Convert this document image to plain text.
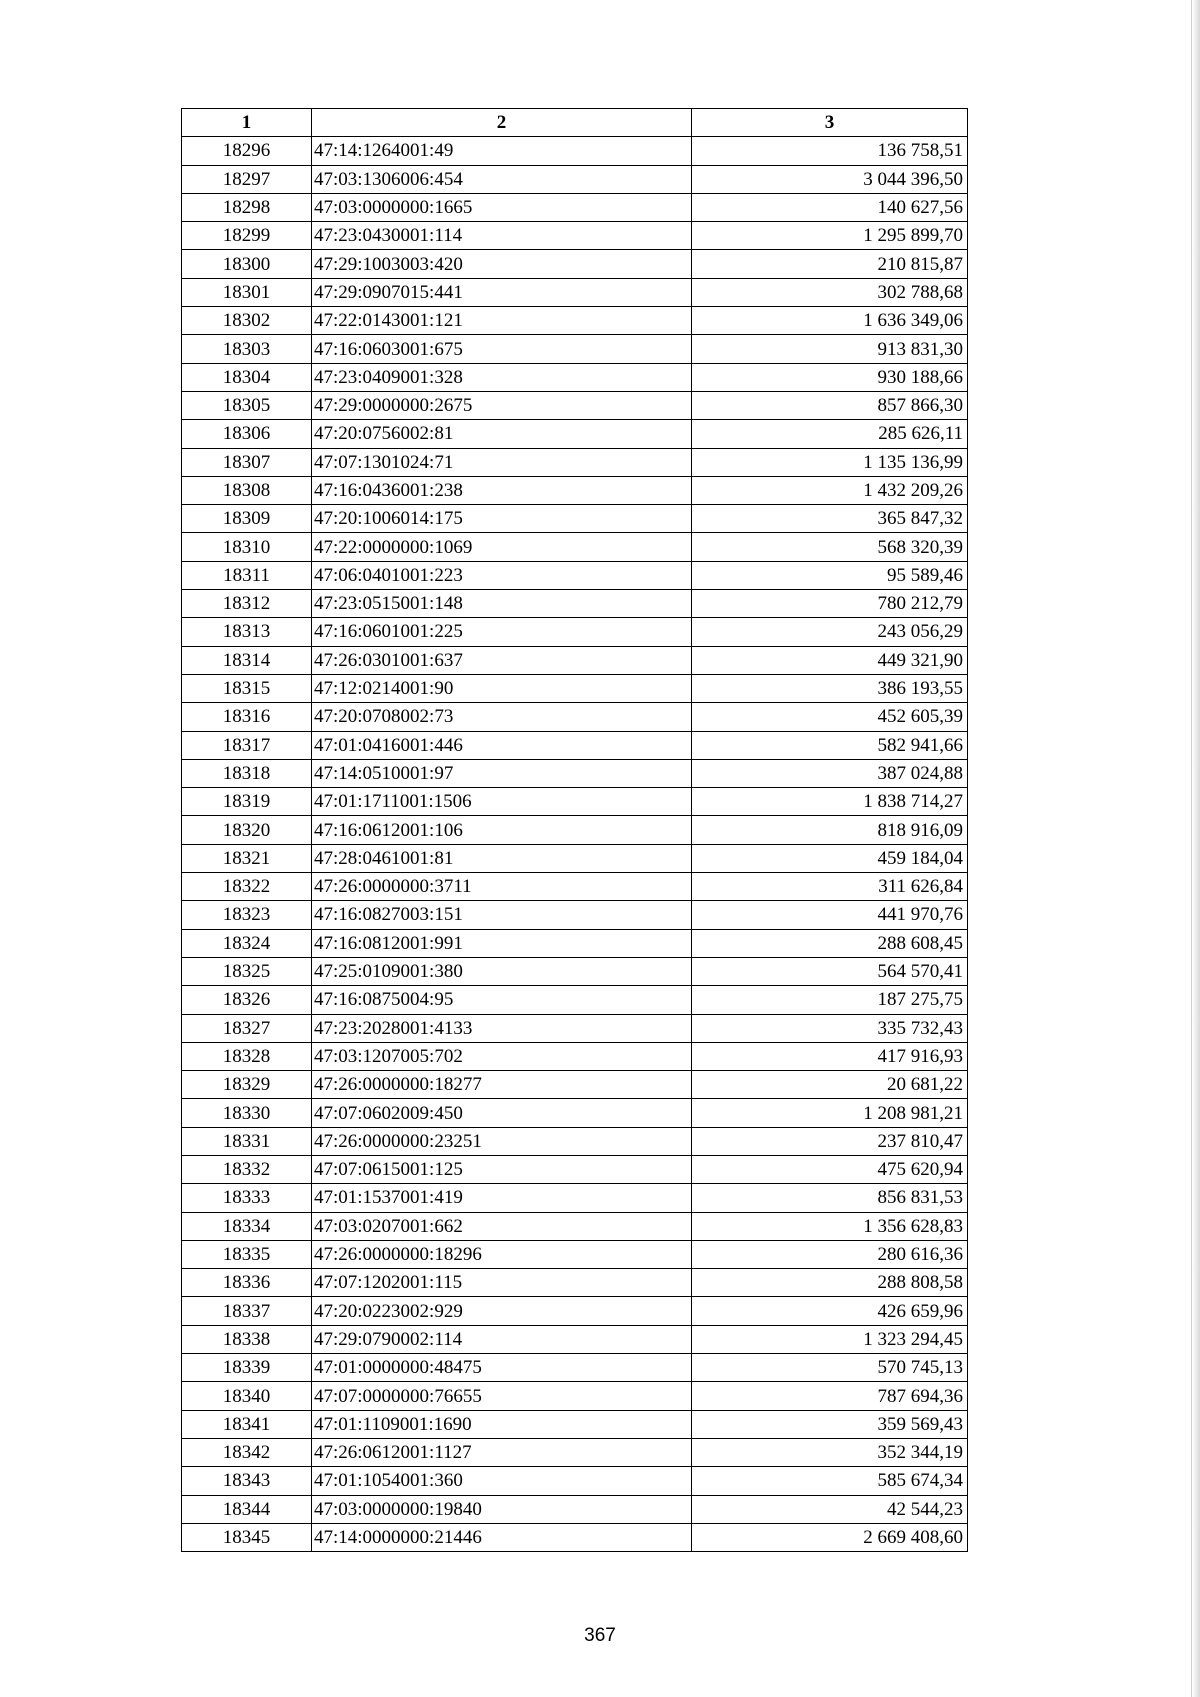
1	2	3
18296	47:14:1264001:49	136 758,51
18297	47:03:1306006:454	3 044 396,50
18298	47:03:0000000:1665	140 627,56
18299	47:23:0430001:114	1 295 899,70
18300	47:29:1003003:420	210 815,87
18301	47:29:0907015:441	302 788,68
18302	47:22:0143001:121	1 636 349,06
18303	47:16:0603001:675	913 831,30
18304	47:23:0409001:328	930 188,66
18305	47:29:0000000:2675	857 866,30
18306	47:20:0756002:81	285 626,11
18307	47:07:1301024:71	1 135 136,99
18308	47:16:0436001:238	1 432 209,26
18309	47:20:1006014:175	365 847,32
18310	47:22:0000000:1069	568 320,39
18311	47:06:0401001:223	95 589,46
18312	47:23:0515001:148	780 212,79
18313	47:16:0601001:225	243 056,29
18314	47:26:0301001:637	449 321,90
18315	47:12:0214001:90	386 193,55
18316	47:20:0708002:73	452 605,39
18317	47:01:0416001:446	582 941,66
18318	47:14:0510001:97	387 024,88
18319	47:01:1711001:1506	1 838 714,27
18320	47:16:0612001:106	818 916,09
18321	47:28:0461001:81	459 184,04
18322	47:26:0000000:3711	311 626,84
18323	47:16:0827003:151	441 970,76
18324	47:16:0812001:991	288 608,45
18325	47:25:0109001:380	564 570,41
18326	47:16:0875004:95	187 275,75
18327	47:23:2028001:4133	335 732,43
18328	47:03:1207005:702	417 916,93
18329	47:26:0000000:18277	20 681,22
18330	47:07:0602009:450	1 208 981,21
18331	47:26:0000000:23251	237 810,47
18332	47:07:0615001:125	475 620,94
18333	47:01:1537001:419	856 831,53
18334	47:03:0207001:662	1 356 628,83
18335	47:26:0000000:18296	280 616,36
18336	47:07:1202001:115	288 808,58
18337	47:20:0223002:929	426 659,96
18338	47:29:0790002:114	1 323 294,45
18339	47:01:0000000:48475	570 745,13
18340	47:07:0000000:76655	787 694,36
18341	47:01:1109001:1690	359 569,43
18342	47:26:0612001:1127	352 344,19
18343	47:01:1054001:360	585 674,34
18344	47:03:0000000:19840	42 544,23
18345	47:14:0000000:21446	2 669 408,60
367
